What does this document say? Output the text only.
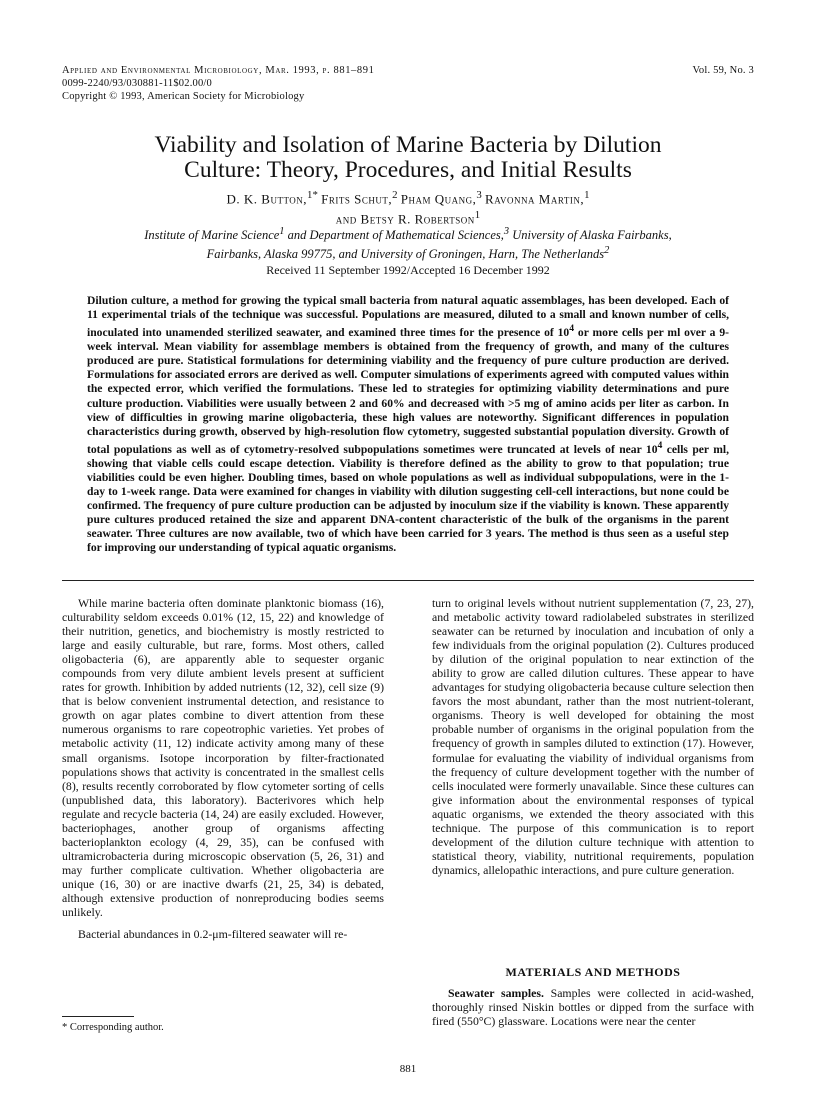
Applied and Environmental Microbiology, Mar. 1993, p. 881–891
0099-2240/93/030881-11$02.00/0
Copyright © 1993, American Society for Microbiology
Vol. 59, No. 3
Viability and Isolation of Marine Bacteria by Dilution
Culture: Theory, Procedures, and Initial Results
D. K. Button,$^{1*}$ Frits Schut,$^2$ Pham Quang,$^3$ Ravonna Martin,$^1$
and Betsy R. Robertson$^1$
Institute of Marine Science$^1$ and Department of Mathematical Sciences,$^3$ University of Alaska Fairbanks,
Fairbanks, Alaska 99775, and University of Groningen, Harn, The Netherlands$^2$
Received 11 September 1992/Accepted 16 December 1992

Dilution culture, a method for growing the typical small bacteria from natural aquatic assemblages, has been developed. Each of 11 experimental trials of the technique was successful. Populations are measured, diluted to a small and known number of cells, inoculated into unamended sterilized seawater, and examined three times for the presence of $10^4$ or more cells per ml over a 9-week interval. Mean viability for assemblage members is obtained from the frequency of growth, and many of the cultures produced are pure. Statistical formulations for determining viability and the frequency of pure culture production are derived. Formulations for associated errors are derived as well. Computer simulations of experiments agreed with computed values within the expected error, which verified the formulations. These led to strategies for optimizing viability determinations and pure culture production. Viabilities were usually between 2 and 60% and decreased with >5 mg of amino acids per liter as carbon. In view of difficulties in growing marine oligobacteria, these high values are noteworthy. Significant differences in population characteristics during growth, observed by high-resolution flow cytometry, suggested substantial population diversity. Growth of total populations as well as of cytometry-resolved subpopulations sometimes were truncated at levels of near $10^4$ cells per ml, showing that viable cells could escape detection. Viability is therefore defined as the ability to grow to that population; true viabilities could be even higher. Doubling times, based on whole populations as well as individual subpopulations, were in the 1-day to 1-week range. Data were examined for changes in viability with dilution suggesting cell-cell interactions, but none could be confirmed. The frequency of pure culture production can be adjusted by inoculum size if the viability is known. These apparently pure cultures produced retained the size and apparent DNA-content characteristic of the bulk of the organisms in the parent seawater. Three cultures are now available, two of which have been carried for 3 years. The method is thus seen as a useful step for improving our understanding of typical aquatic organisms.

While marine bacteria often dominate planktonic biomass (16), culturability seldom exceeds 0.01% (12, 15, 22) and knowledge of their nutrition, genetics, and biochemistry is mostly restricted to large and easily culturable, but rare, forms. Most others, called oligobacteria (6), are apparently able to sequester organic compounds from very dilute ambient levels present at sufficient rates for growth. Inhibition by added nutrients (12, 32), cell size (9) that is below convenient instrumental detection, and resistance to growth on agar plates combine to divert attention from these numerous organisms to rare copeotrophic varieties. Yet probes of metabolic activity (11, 12) indicate activity among many of these small organisms. Isotope incorporation by filter-fractionated populations shows that activity is concentrated in the smallest cells (8), results recently corroborated by flow cytometer sorting of cells (unpublished data, this laboratory). Bacterivores which help regulate and recycle bacteria (14, 24) are easily excluded. However, bacteriophages, another group of organisms affecting bacterioplankton ecology (4, 29, 35), can be confused with ultramicrobacteria during microscopic observation (5, 26, 31) and may further complicate cultivation. Whether oligobacteria are unique (16, 30) or are inactive dwarfs (21, 25, 34) is debated, although extensive production of nonreproducing bodies seems unlikely.

Bacterial abundances in 0.2-μm-filtered seawater will re-

turn to original levels without nutrient supplementation (7, 23, 27), and metabolic activity toward radiolabeled substrates in sterilized seawater can be returned by inoculation and incubation of only a few individuals from the original population (2). Cultures produced by dilution of the original population to near extinction of the ability to grow are called dilution cultures. These appear to have advantages for studying oligobacteria because culture selection then favors the most abundant, rather than the most nutrient-tolerant, organisms. Theory is well developed for obtaining the most probable number of organisms in the original population from the frequency of growth in samples diluted to extinction (17). However, formulae for evaluating the viability of individual organisms from the frequency of culture development together with the number of cells inoculated were formerly unavailable. Since these cultures can give information about the environmental responses of typical aquatic organisms, we extended the theory associated with this technique. The purpose of this communication is to report development of the dilution culture technique with attention to statistical theory, viability, nutritional requirements, population dynamics, allelopathic interactions, and pure culture generation.

MATERIALS AND METHODS

Seawater samples. Samples were collected in acid-washed, thoroughly rinsed Niskin bottles or dipped from the surface with fired (550°C) glassware. Locations were near the center

* Corresponding author.
881
